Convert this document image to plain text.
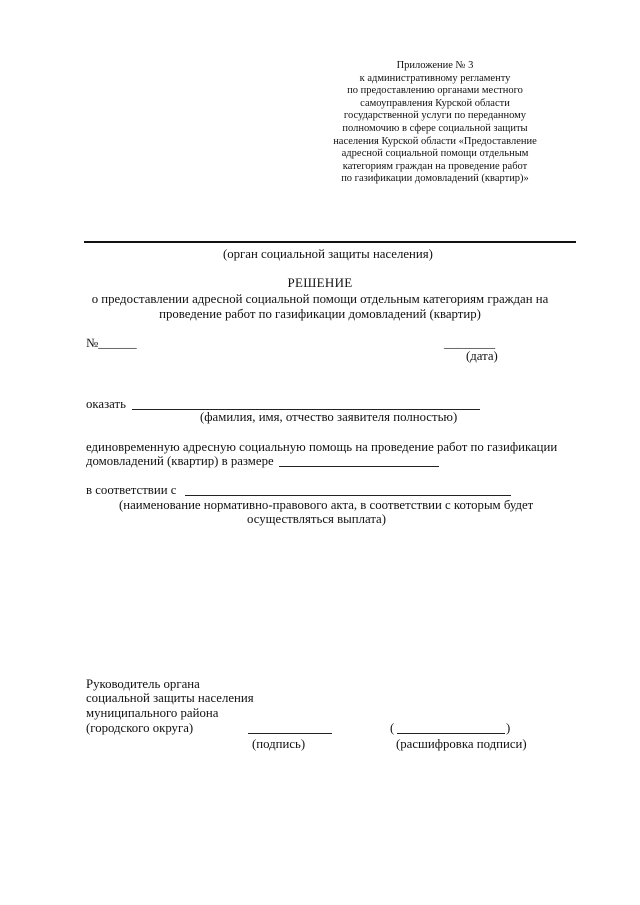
Приложение № 3
к административному регламенту
по предоставлению органами местного
самоуправления Курской области
государственной услуги по переданному
полномочию в сфере социальной защиты
населения Курской области «Предоставление
адресной социальной помощи отдельным
категориям граждан на проведение работ
по газификации домовладений (квартир)»
(орган социальной защиты населения)
РЕШЕНИЕ
о предоставлении адресной социальной помощи отдельным категориям граждан на
проведение работ по газификации домовладений (квартир)
№______	________
(дата)
оказать
(фамилия, имя, отчество заявителя полностью)
единовременную адресную социальную помощь на проведение работ по газификации
домовладений (квартир) в размере
в соответствии с
(наименование нормативно-правового акта, в соответствии с которым будет
осуществляться выплата)
Руководитель органа
социальной защиты населения
муниципального района
(городского округа)
(подпись)
(	)
(расшифровка подписи)
